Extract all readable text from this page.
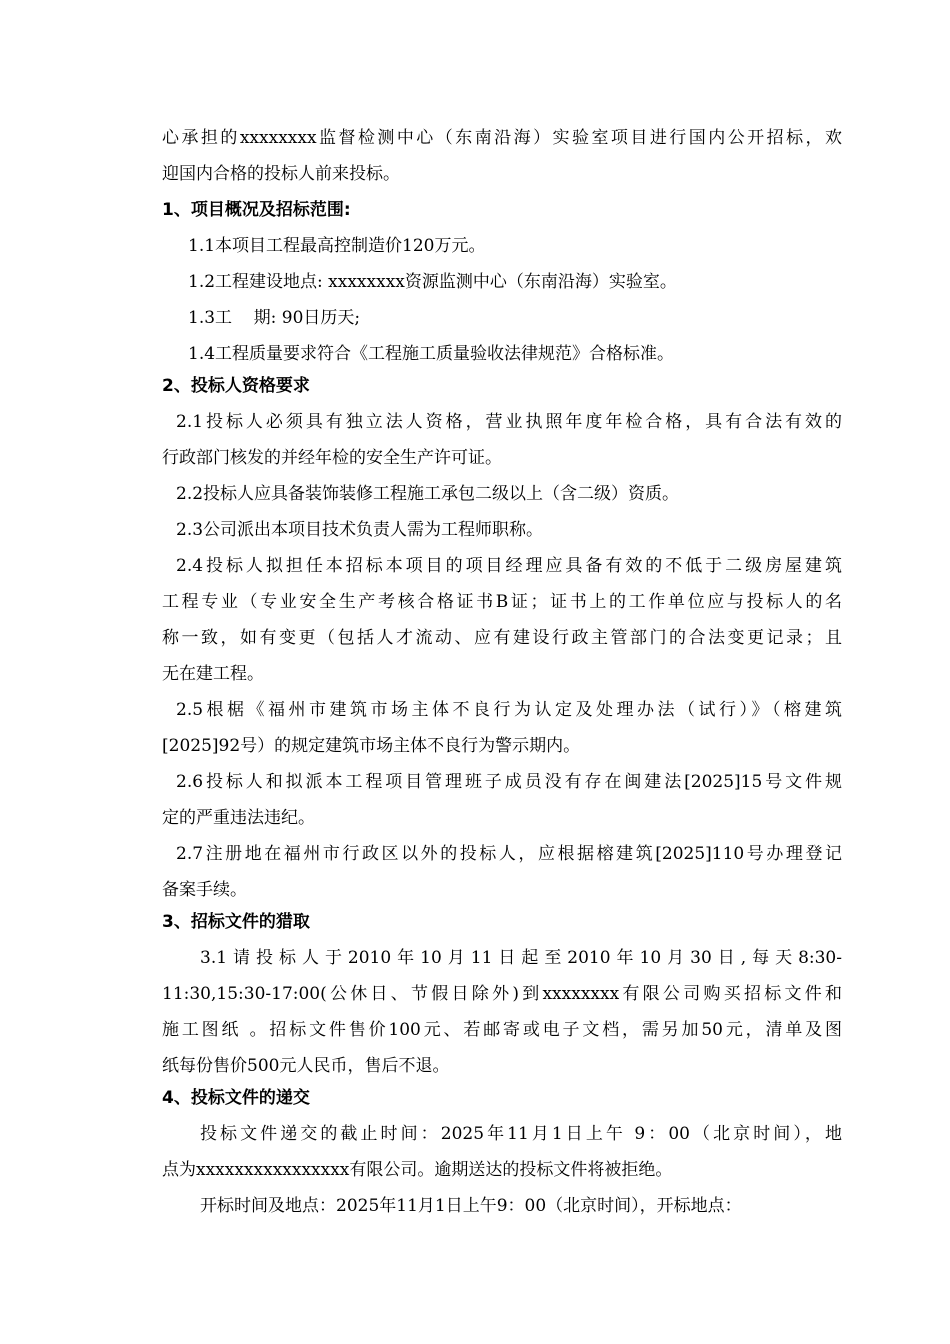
心承担的xxxxxxxx监督检测中心（东南沿海）实验室项目进行国内公开招标，欢
迎国内合格的投标人前来投标。
1、项目概况及招标范围:
1.1本项目工程最高控制造价120万元。
1.2工程建设地点: xxxxxxxx资源监测中心（东南沿海）实验室。
1.3工    期: 90日历天;
1.4工程质量要求符合《工程施工质量验收法律规范》合格标准。
2、投标人资格要求
2.1投标人必须具有独立法人资格，营业执照年度年检合格，具有合法有效的
行政部门核发的并经年检的安全生产许可证。
2.2投标人应具备装饰装修工程施工承包二级以上（含二级）资质。
2.3公司派出本项目技术负责人需为工程师职称。
2.4投标人拟担任本招标本项目的项目经理应具备有效的不低于二级房屋建筑
工程专业（专业安全生产考核合格证书B证；证书上的工作单位应与投标人的名
称一致，如有变更（包括人才流动、应有建设行政主管部门的合法变更记录；且
无在建工程。
2.5根椐《福州市建筑市场主体不良行为认定及处理办法（试行）》（榕建筑
[2025]92号）的规定建筑市场主体不良行为警示期内。
2.6投标人和拟派本工程项目管理班子成员没有存在闽建法[2025]15号文件规
定的严重违法违纪。
2.7注册地在福州市行政区以外的投标人，应根据榕建筑[2025]110号办理登记
备案手续。
3、招标文件的猎取
3.1请投标人于2010年10月11日起至2010年10月30日,每天8:30-
11:30,15:30-17:00(公休日、节假日除外)到xxxxxxxx有限公司购买招标文件和
施工图纸 。招标文件售价100元、若邮寄或电子文档，需另加50元，清单及图
纸每份售价500元人民币，售后不退。
4、投标文件的递交
投标文件递交的截止时间：2025年11月1日上午 9：00（北京时间），地
点为xxxxxxxxxxxxxxxx有限公司。逾期送达的投标文件将被拒绝。
开标时间及地点：2025年11月1日上午9：00（北京时间），开标地点：
